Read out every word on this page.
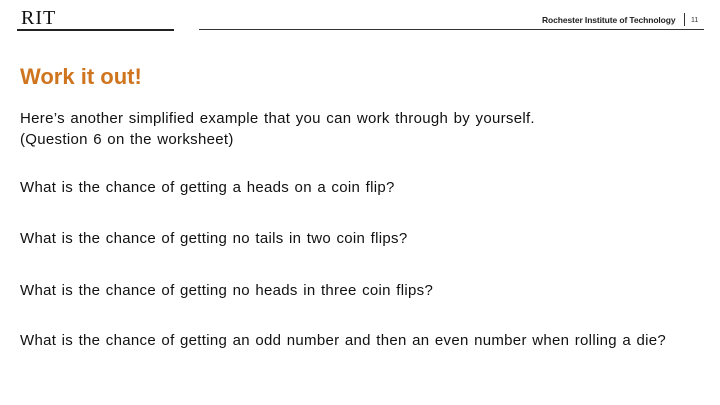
RIT	Rochester Institute of Technology 11
Work it out!
Here’s another simplified example that you can work through by yourself.
(Question 6 on the worksheet)
What is the chance of getting a heads on a coin flip?
What is the chance of getting no tails in two coin flips?
What is the chance of getting no heads in three coin flips?
What is the chance of getting an odd number and then an even number when rolling a die?
